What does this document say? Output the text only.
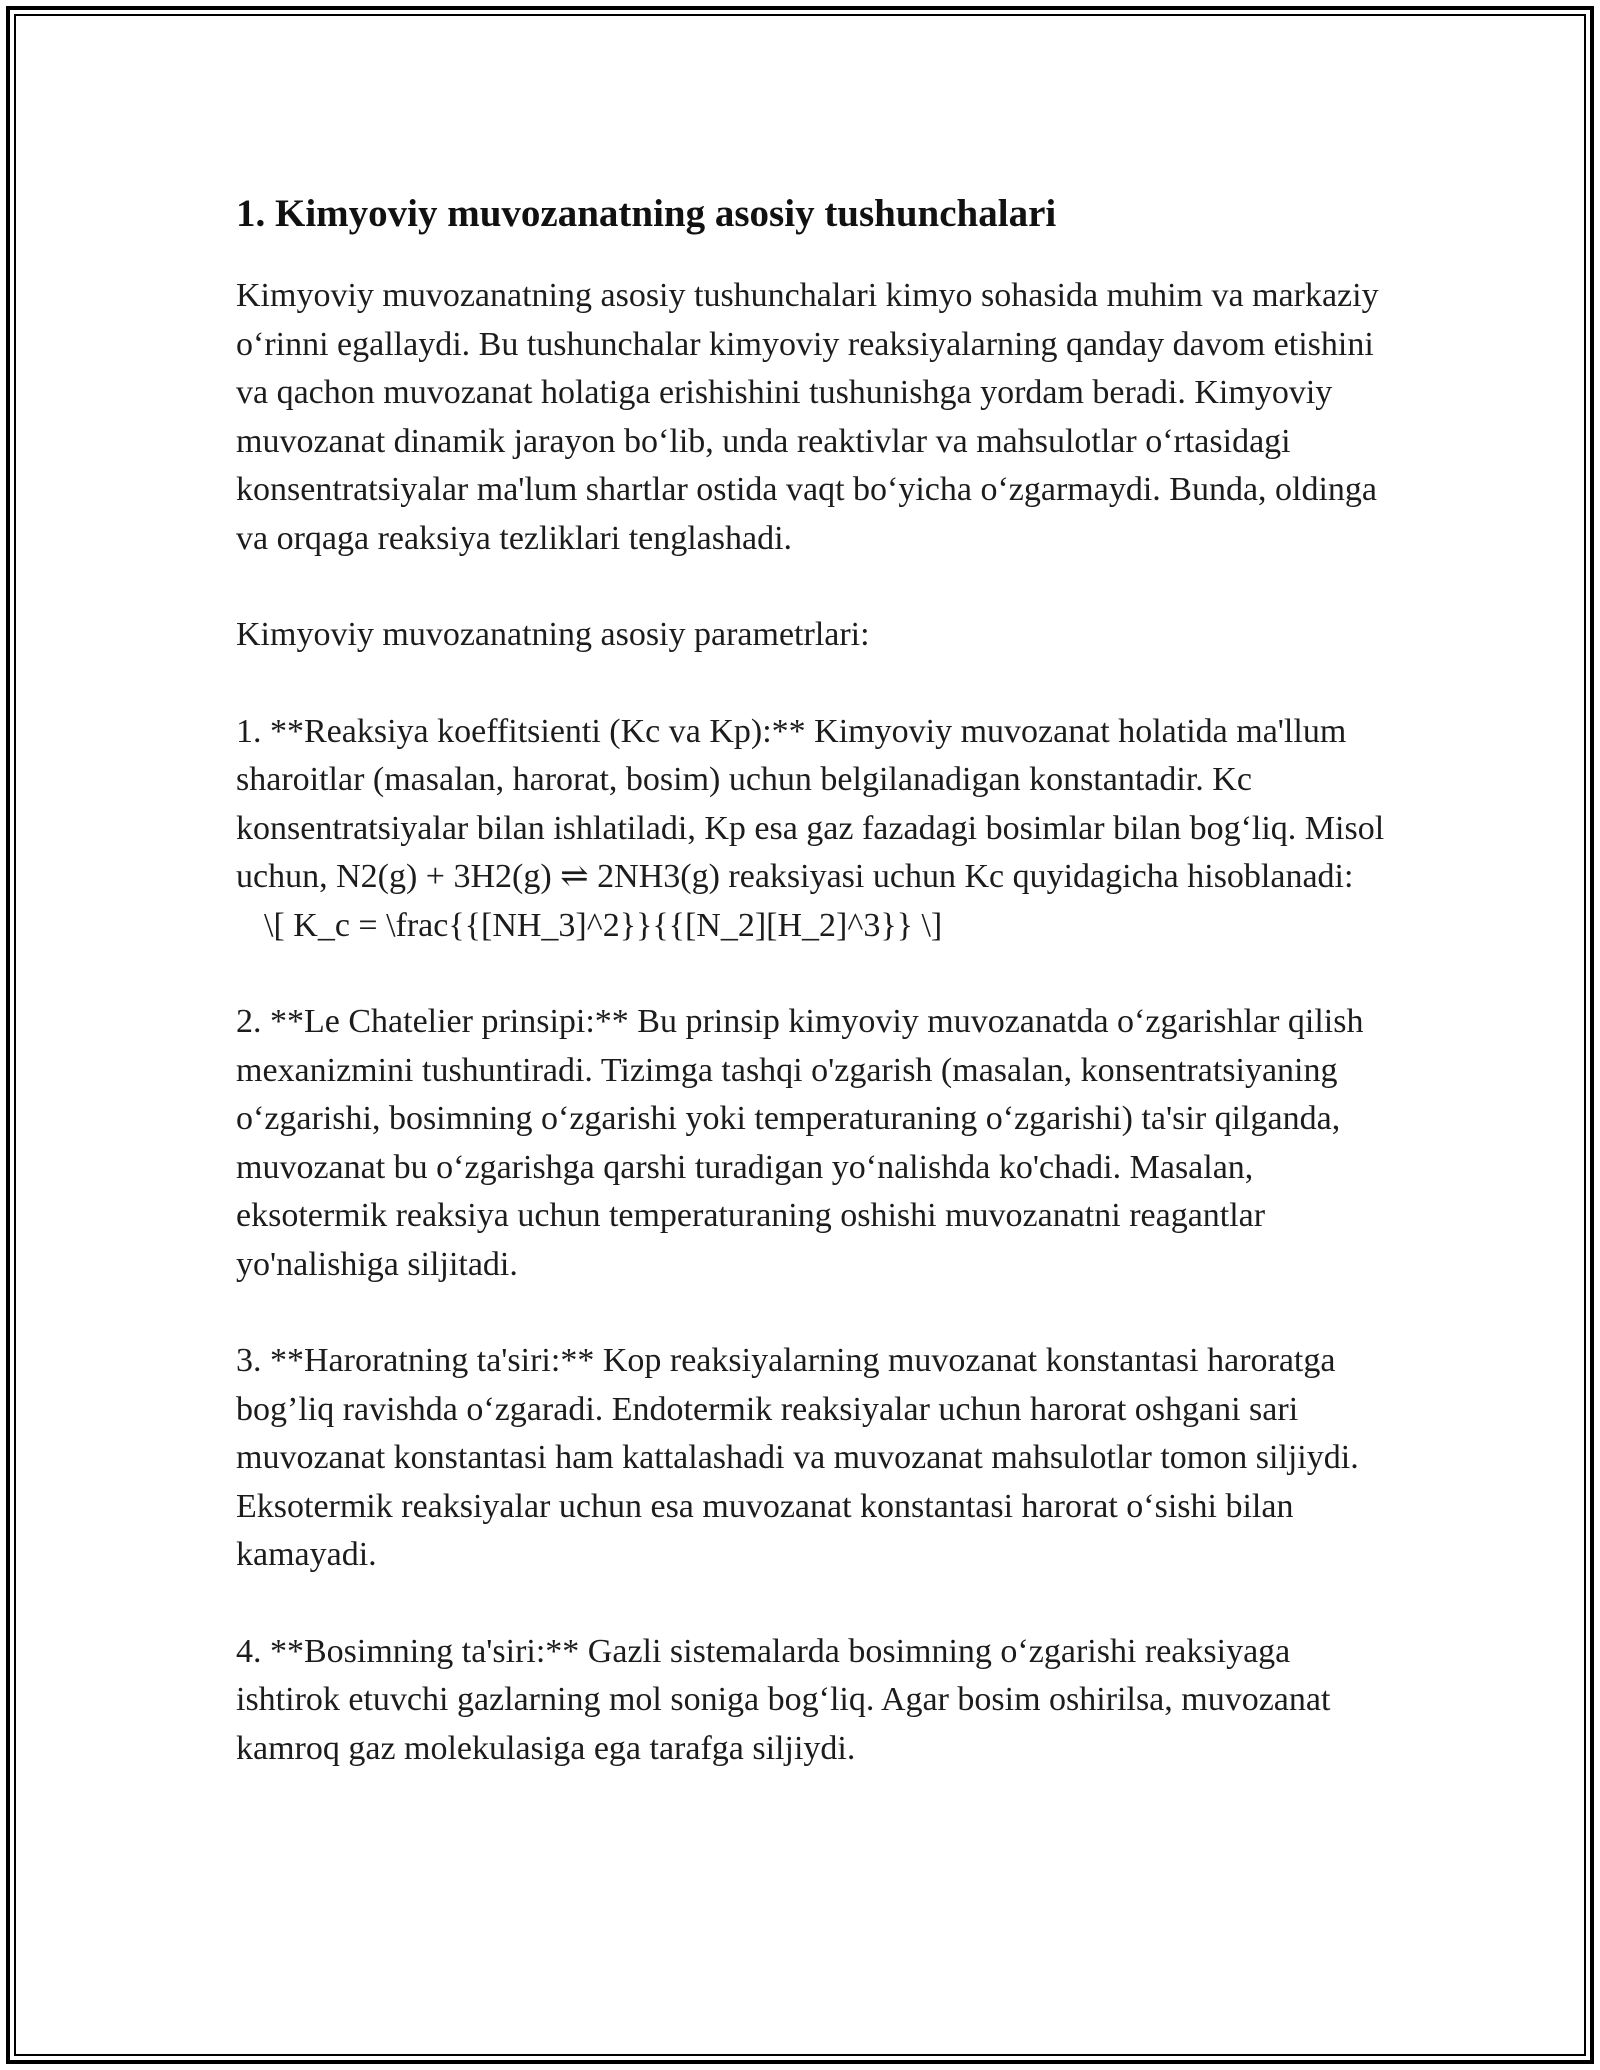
1. Kimyoviy muvozanatning asosiy tushunchalari

Kimyoviy muvozanatning asosiy tushunchalari kimyo sohasida muhim va markaziy o‘rinni egallaydi. Bu tushunchalar kimyoviy reaksiyalarning qanday davom etishini va qachon muvozanat holatiga erishishini tushunishga yordam beradi. Kimyoviy muvozanat dinamik jarayon bo‘lib, unda reaktivlar va mahsulotlar o‘rtasidagi konsentratsiyalar ma'lum shartlar ostida vaqt bo‘yicha o‘zgarmaydi. Bunda, oldinga va orqaga reaksiya tezliklari tenglashadi.

Kimyoviy muvozanatning asosiy parametrlari:

1. **Reaksiya koeffitsienti (Kc va Kp):** Kimyoviy muvozanat holatida ma'llum sharoitlar (masalan, harorat, bosim) uchun belgilanadigan konstantadir. Kc konsentratsiyalar bilan ishlatiladi, Kp esa gaz fazadagi bosimlar bilan bog‘liq. Misol uchun, N2(g) + 3H2(g) ⇌ 2NH3(g) reaksiyasi uchun Kc quyidagicha hisoblanadi:
\[ K_c = \frac{{[NH_3]^2}}{{[N_2][H_2]^3}} \]

2. **Le Chatelier prinsipi:** Bu prinsip kimyoviy muvozanatda o‘zgarishlar qilish mexanizmini tushuntiradi. Tizimga tashqi o'zgarish (masalan, konsentratsiyaning o‘zgarishi, bosimning o‘zgarishi yoki temperaturaning o‘zgarishi) ta'sir qilganda, muvozanat bu o‘zgarishga qarshi turadigan yo‘nalishda ko'chadi. Masalan, eksotermik reaksiya uchun temperaturaning oshishi muvozanatni reagantlar yo'nalishiga siljitadi.

3. **Haroratning ta'siri:** Kop reaksiyalarning muvozanat konstantasi haroratga bog’liq ravishda o‘zgaradi. Endotermik reaksiyalar uchun harorat oshgani sari muvozanat konstantasi ham kattalashadi va muvozanat mahsulotlar tomon siljiydi. Eksotermik reaksiyalar uchun esa muvozanat konstantasi harorat o‘sishi bilan kamayadi.

4. **Bosimning ta'siri:** Gazli sistemalarda bosimning o‘zgarishi reaksiyaga ishtirok etuvchi gazlarning mol soniga bog‘liq. Agar bosim oshirilsa, muvozanat kamroq gaz molekulasiga ega tarafga siljiydi.
